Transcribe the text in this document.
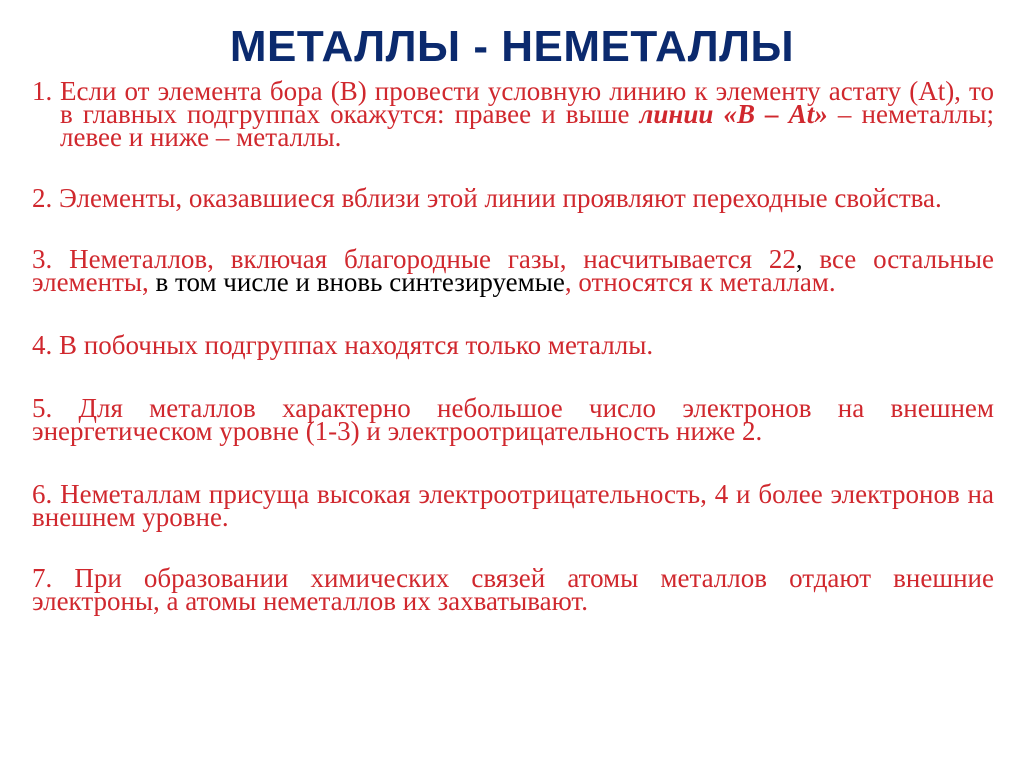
МЕТАЛЛЫ - НЕМЕТАЛЛЫ
1. Если от элемента бора (В) провести условную линию к элементу астату (At), то в главных подгруппах окажутся: правее и выше линии «В – At» – неметаллы; левее и ниже – металлы.
2. Элементы, оказавшиеся вблизи этой линии проявляют переходные свойства.
3. Неметаллов, включая благородные газы, насчитывается 22, все остальные элементы, в том числе и вновь синтезируемые, относятся к металлам.
4. В побочных подгруппах находятся только металлы.
5. Для металлов характерно небольшое число электронов на внешнем энергетическом уровне (1-3) и электроотрицательность ниже 2.
6. Неметаллам присуща высокая электроотрицательность, 4 и более электронов на внешнем уровне.
7. При образовании химических связей атомы металлов отдают внешние электроны, а атомы неметаллов их захватывают.
